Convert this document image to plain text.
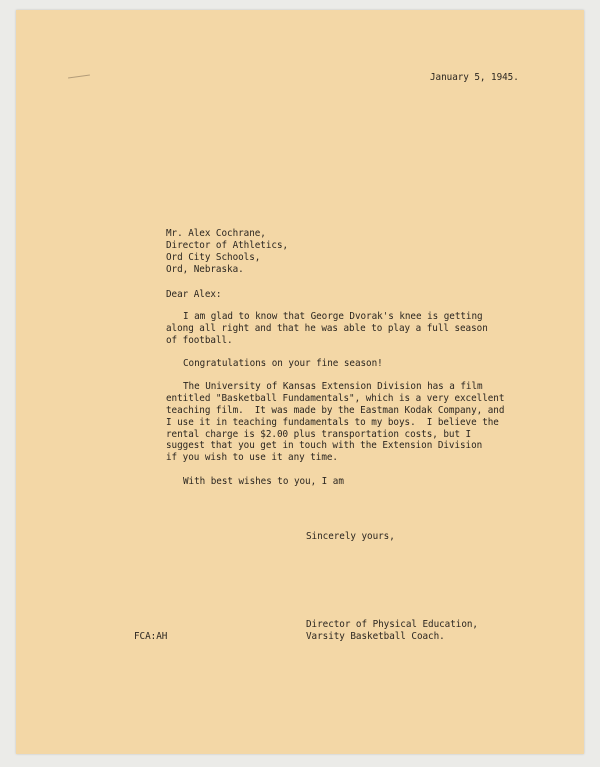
January 5, 1945.
Mr. Alex Cochrane,
Director of Athletics,
Ord City Schools,
Ord, Nebraska.
Dear Alex:
I am glad to know that George Dvorak's knee is getting
along all right and that he was able to play a full season
of football.
Congratulations on your fine season!
The University of Kansas Extension Division has a film
entitled "Basketball Fundamentals", which is a very excellent
teaching film.  It was made by the Eastman Kodak Company, and
I use it in teaching fundamentals to my boys.  I believe the
rental charge is $2.00 plus transportation costs, but I
suggest that you get in touch with the Extension Division
if you wish to use it any time.
With best wishes to you, I am
Sincerely yours,
Director of Physical Education,
Varsity Basketball Coach.
FCA:AH
